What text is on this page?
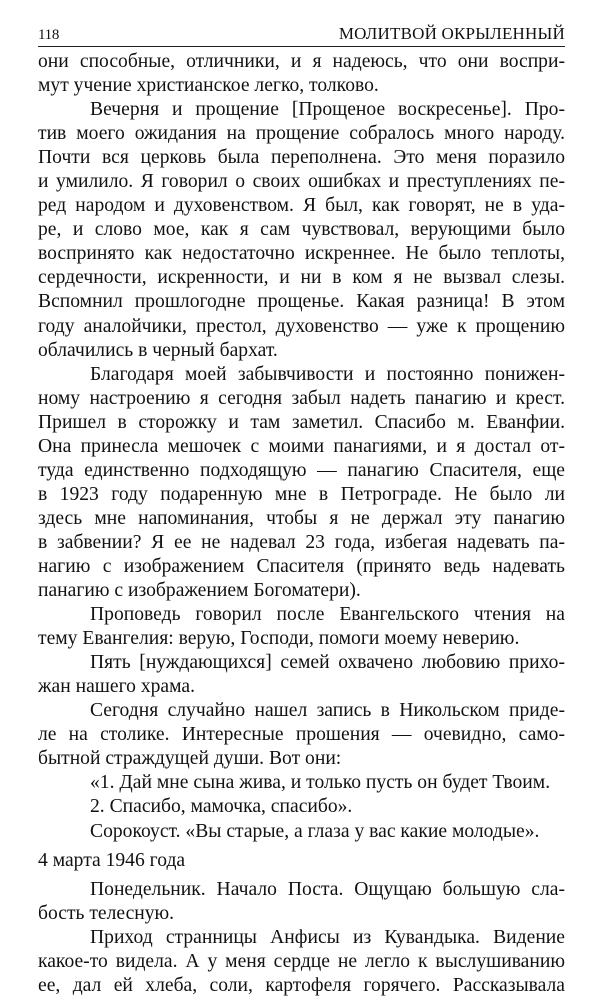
118	МОЛИТВОЙ ОКРЫЛЕННЫЙ
они способные, отличники, и я надеюсь, что они воспри-
мут учение христианское легко, толково.
Вечерня и прощение [Прощеное воскресенье]. Про-
тив моего ожидания на прощение собралось много народу.
Почти вся церковь была переполнена. Это меня поразило
и умилило. Я говорил о своих ошибках и преступлениях пе-
ред народом и духовенством. Я был, как говорят, не в уда-
ре, и слово мое, как я сам чувствовал, верующими было
воспринято как недостаточно искреннее. Не было теплоты,
сердечности, искренности, и ни в ком я не вызвал слезы.
Вспомнил прошлогодне прощенье. Какая разница! В этом
году аналойчики, престол, духовенство — уже к прощению
облачились в черный бархат.
Благодаря моей забывчивости и постоянно понижен-
ному настроению я сегодня забыл надеть панагию и крест.
Пришел в сторожку и там заметил. Спасибо м. Еванфии.
Она принесла мешочек с моими панагиями, и я достал от-
туда единственно подходящую — панагию Спасителя, еще
в 1923 году подаренную мне в Петрограде. Не было ли
здесь мне напоминания, чтобы я не держал эту панагию
в забвении? Я ее не надевал 23 года, избегая надевать па-
нагию с изображением Спасителя (принято ведь надевать
панагию с изображением Богоматери).
Проповедь говорил после Евангельского чтения на
тему Евангелия: верую, Господи, помоги моему неверию.
Пять [нуждающихся] семей охвачено любовию прихо-
жан нашего храма.
Сегодня случайно нашел запись в Никольском приде-
ле на столике. Интересные прошения — очевидно, само-
бытной страждущей души. Вот они:
«1. Дай мне сына жива, и только пусть он будет Твоим.
2. Спасибо, мамочка, спасибо».
Сорокоуст. «Вы старые, а глаза у вас какие молодые».
4 марта 1946 года
Понедельник. Начало Поста. Ощущаю большую сла-
бость телесную.
Приход странницы Анфисы из Кувандыка. Видение
какое-то видела. А у меня сердце не легло к выслушиванию
ее, дал ей хлеба, соли, картофеля горячего. Рассказывала
